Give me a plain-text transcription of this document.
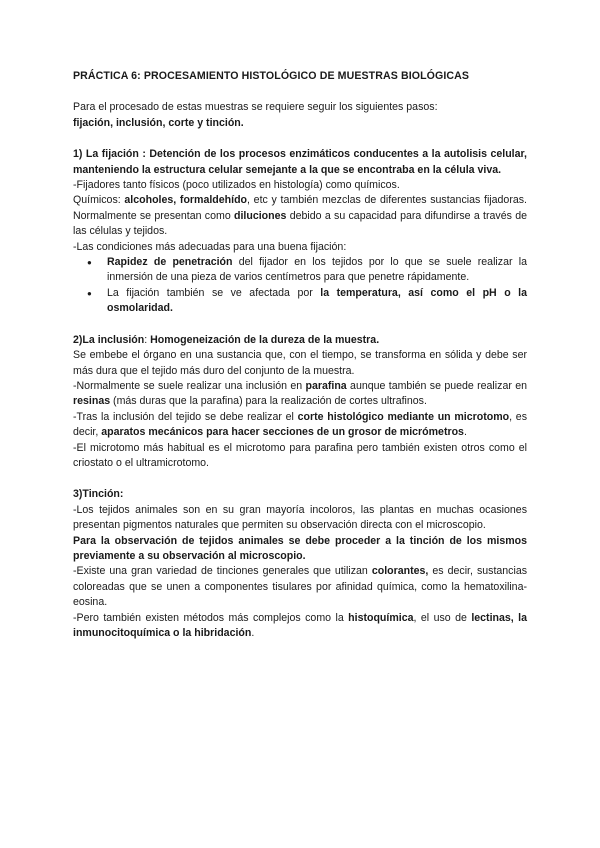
PRÁCTICA 6: PROCESAMIENTO HISTOLÓGICO DE MUESTRAS BIOLÓGICAS

Para el procesado de estas muestras se requiere seguir los siguientes pasos:

fijación, inclusión, corte y tinción.

1) La fijación : Detención de los procesos enzimáticos conducentes a la autolisis celular, manteniendo la estructura celular semejante a la que se encontraba en la célula viva.

-Fijadores tanto físicos (poco utilizados en histología) como químicos.

Químicos: alcoholes, formaldehído, etc y también mezclas de diferentes sustancias fijadoras. Normalmente se presentan como diluciones debido a su capacidad para difundirse a través de las células y tejidos.

-Las condiciones más adecuadas para una buena fijación:

● Rapidez de penetración del fijador en los tejidos por lo que se suele realizar la inmersión de una pieza de varios centímetros para que penetre rápidamente.
● La fijación también se ve afectada por la temperatura, así como el pH o la osmolaridad.

2)La inclusión: Homogeneización de la dureza de la muestra.

Se embebe el órgano en una sustancia que, con el tiempo, se transforma en sólida y debe ser más dura que el tejido más duro del conjunto de la muestra.

-Normalmente se suele realizar una inclusión en parafina aunque también se puede realizar en resinas (más duras que la parafina) para la realización de cortes ultrafinos.

-Tras la inclusión del tejido se debe realizar el corte histológico mediante un microtomo, es decir, aparatos mecánicos para hacer secciones de un grosor de micrómetros.

-El microtomo más habitual es el microtomo para parafina pero también existen otros como el criostato o el ultramicrotomo.

3)Tinción:

-Los tejidos animales son en su gran mayoría incoloros, las plantas en muchas ocasiones presentan pigmentos naturales que permiten su observación directa con el microscopio.

Para la observación de tejidos animales se debe proceder a la tinción de los mismos previamente a su observación al microscopio.

-Existe una gran variedad de tinciones generales que utilizan colorantes, es decir, sustancias coloreadas que se unen a componentes tisulares por afinidad química, como la hematoxilina-eosina.

-Pero también existen métodos más complejos como la histoquímica, el uso de lectinas, la inmunocitoquímica o la hibridación.
